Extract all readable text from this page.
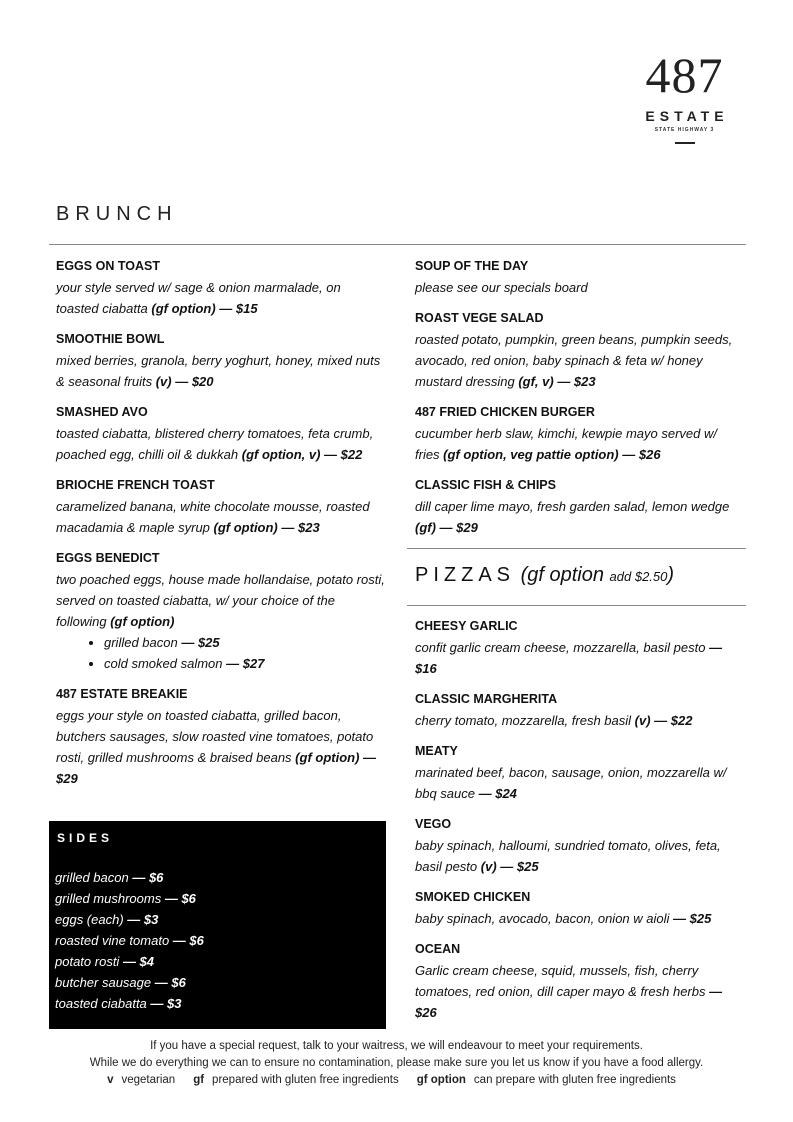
487
ESTATE
STATE HIGHWAY 3
BRUNCH
EGGS ON TOAST
your style served w/ sage & onion marmalade, on toasted ciabatta (gf option) — $15
SMOOTHIE BOWL
mixed berries, granola, berry yoghurt, honey, mixed nuts & seasonal fruits (v) — $20
SMASHED AVO
toasted ciabatta, blistered cherry tomatoes, feta crumb, poached egg, chilli oil & dukkah (gf option, v) — $22
BRIOCHE FRENCH TOAST
caramelized banana, white chocolate mousse, roasted macadamia & maple syrup (gf option) — $23
EGGS BENEDICT
two poached eggs, house made hollandaise, potato rosti, served on toasted ciabatta, w/ your choice of the following (gf option)
• grilled bacon — $25
• cold smoked salmon — $27
487 ESTATE BREAKIE
eggs your style on toasted ciabatta, grilled bacon, butchers sausages, slow roasted vine tomatoes, potato rosti, grilled mushrooms & braised beans (gf option) — $29
SIDES
grilled bacon — $6
grilled mushrooms — $6
eggs (each) — $3
roasted vine tomato — $6
potato rosti — $4
butcher sausage — $6
toasted ciabatta — $3
SOUP OF THE DAY
please see our specials board
ROAST VEGE SALAD
roasted potato, pumpkin, green beans, pumpkin seeds, avocado, red onion, baby spinach & feta w/ honey mustard dressing (gf, v) — $23
487 FRIED CHICKEN BURGER
cucumber herb slaw, kimchi, kewpie mayo served w/ fries (gf option, veg pattie option) — $26
CLASSIC FISH & CHIPS
dill caper lime mayo, fresh garden salad, lemon wedge (gf) — $29
PIZZAS (gf option add $2.50)
CHEESY GARLIC
confit garlic cream cheese, mozzarella, basil pesto — $16
CLASSIC MARGHERITA
cherry tomato, mozzarella, fresh basil (v) — $22
MEATY
marinated beef, bacon, sausage, onion, mozzarella w/ bbq sauce — $24
VEGO
baby spinach, halloumi, sundried tomato, olives, feta, basil pesto (v) — $25
SMOKED CHICKEN
baby spinach, avocado, bacon, onion w aioli — $25
OCEAN
Garlic cream cheese, squid, mussels, fish, cherry tomatoes, red onion, dill caper mayo & fresh herbs — $26
If you have a special request, talk to your waitress, we will endeavour to meet your requirements.
While we do everything we can to ensure no contamination, please make sure you let us know if you have a food allergy.
v vegetarian gf prepared with gluten free ingredients gf option can prepare with gluten free ingredients
